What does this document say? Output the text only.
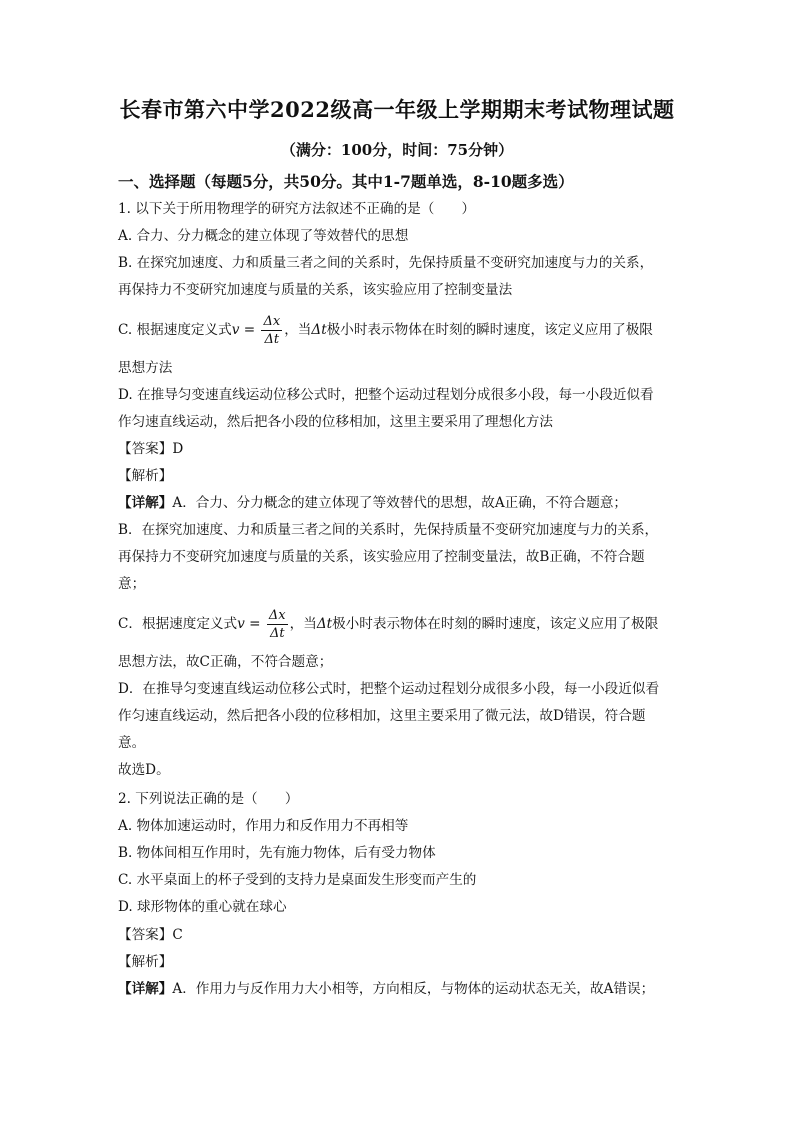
长春市第六中学2022级高一年级上学期期末考试物理试题
（满分：100分，时间：75分钟）
一、选择题（每题5分，共50分。其中1-7题单选，8-10题多选）
1. 以下关于所用物理学的研究方法叙述不正确的是（　　）
A. 合力、分力概念的建立体现了等效替代的思想
B. 在探究加速度、力和质量三者之间的关系时，先保持质量不变研究加速度与力的关系，
再保持力不变研究加速度与质量的关系，该实验应用了控制变量法
C. 根据速度定义式$v = \frac{\Delta x}{\Delta t}$ ，当Δt极小时表示物体在时刻的瞬时速度，该定义应用了极限
思想方法
D. 在推导匀变速直线运动位移公式时，把整个运动过程划分成很多小段，每一小段近似看
作匀速直线运动，然后把各小段的位移相加，这里主要采用了理想化方法
【答案】D
【解析】
【详解】A．合力、分力概念的建立体现了等效替代的思想，故A正确，不符合题意；
B．在探究加速度、力和质量三者之间的关系时，先保持质量不变研究加速度与力的关系，
再保持力不变研究加速度与质量的关系，该实验应用了控制变量法，故B正确，不符合题
意；
C．根据速度定义式$v = \frac{\Delta x}{\Delta t}$ ，当Δt极小时表示物体在时刻的瞬时速度，该定义应用了极限
思想方法，故C正确，不符合题意；
D．在推导匀变速直线运动位移公式时，把整个运动过程划分成很多小段，每一小段近似看
作匀速直线运动，然后把各小段的位移相加，这里主要采用了微元法，故D错误，符合题
意。
故选D。
2. 下列说法正确的是（　　）
A. 物体加速运动时，作用力和反作用力不再相等
B. 物体间相互作用时，先有施力物体，后有受力物体
C. 水平桌面上的杯子受到的支持力是桌面发生形变而产生的
D. 球形物体的重心就在球心
【答案】C
【解析】
【详解】A．作用力与反作用力大小相等，方向相反，与物体的运动状态无关，故A错误；
